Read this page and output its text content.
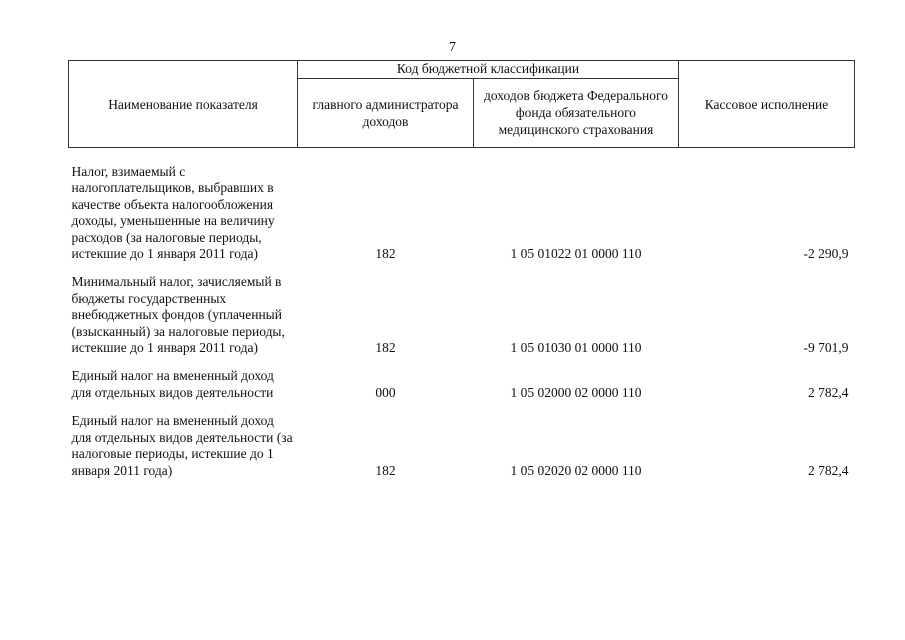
7
Наименование показателя	Код бюджетной классификации		Кассовое исполнение
	главного администратора доходов	доходов бюджета Федерального фонда обязательного медицинского страхования	

Налог, взимаемый с налогоплательщиков, выбравших в качестве объекта налогообложения доходы, уменьшенные на величину расходов (за налоговые периоды, истекшие до 1 января 2011 года)	182	1 05 01022 01 0000 110	-2 290,9
Минимальный налог, зачисляемый в бюджеты государственных внебюджетных фондов (уплаченный (взысканный) за налоговые периоды, истекшие до 1 января 2011 года)	182	1 05 01030 01 0000 110	-9 701,9
Единый налог на вмененный доход для отдельных видов деятельности	000	1 05 02000 02 0000 110	2 782,4
Единый налог на вмененный доход для отдельных видов деятельности (за налоговые периоды, истекшие до 1 января 2011 года)	182	1 05 02020 02 0000 110	2 782,4
